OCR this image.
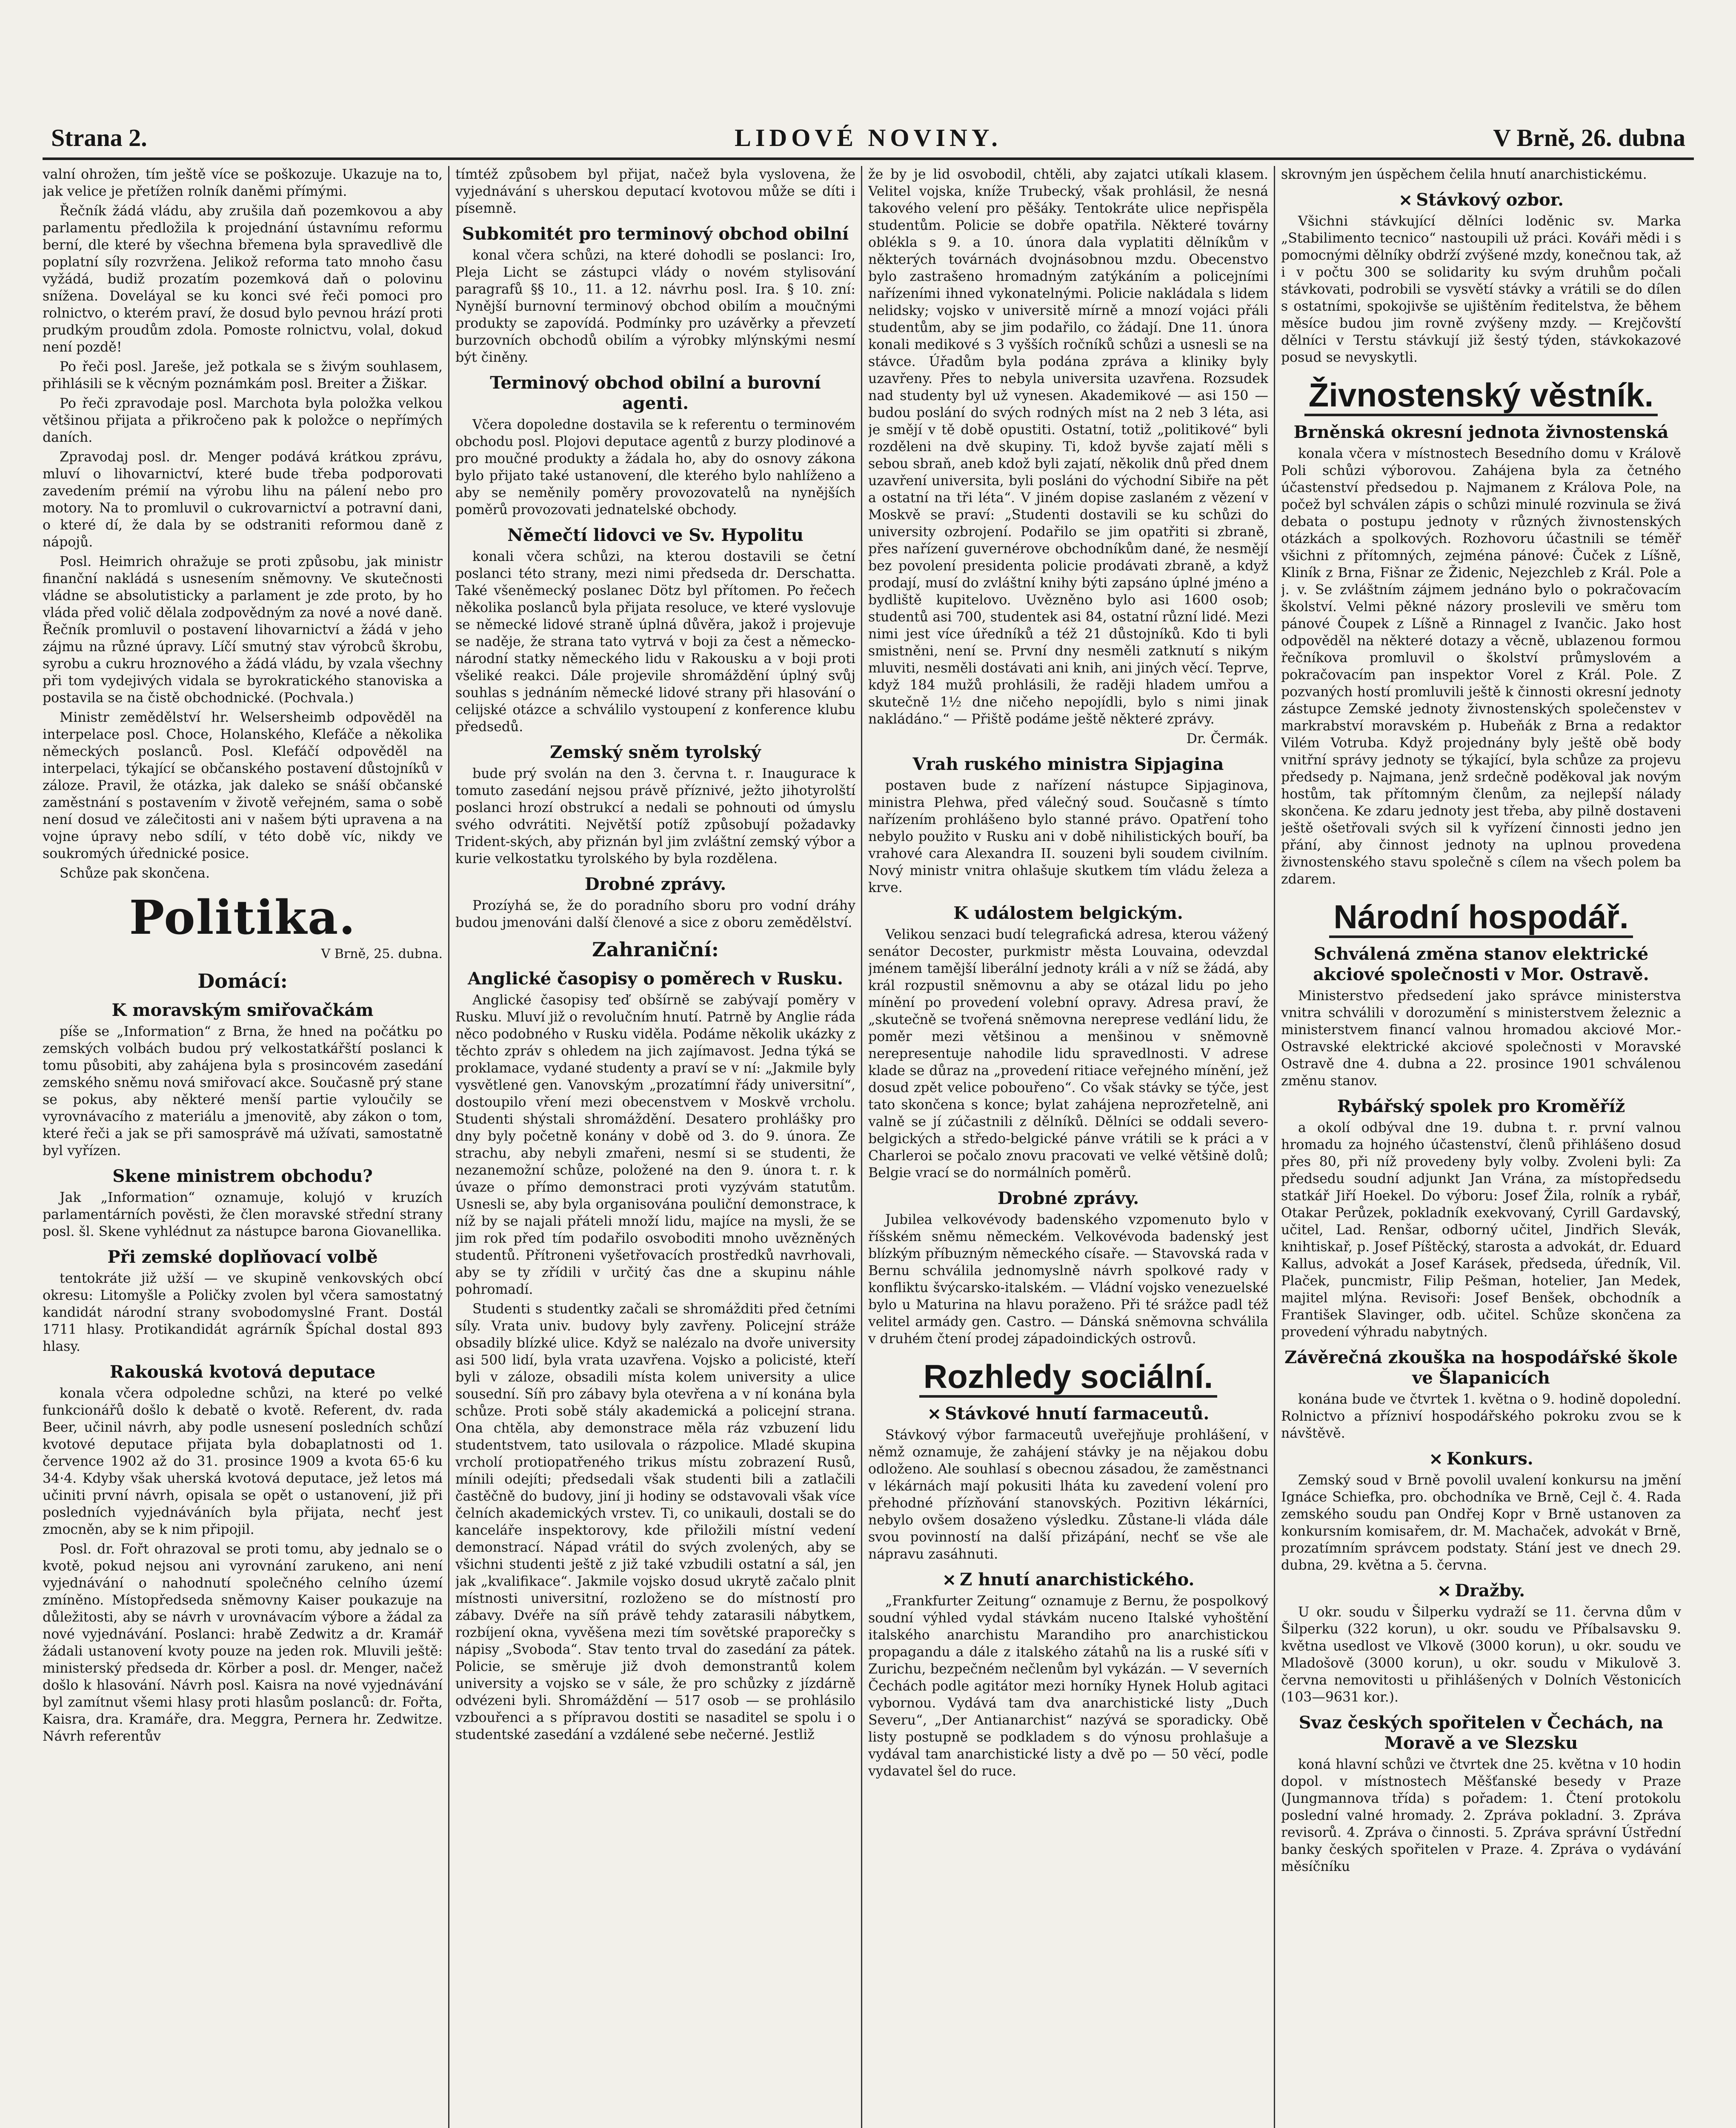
Strana 2.	LIDOVÉ NOVINY.	V Brně, 26. dubna

valní ohrožen, tím ještě více se poškozuje. Ukazuje na to, jak velice je přetížen rolník daněmi přímými.

Řečník žádá vládu, aby zrušila daň pozemkovou a aby parlamentu předložila k projednání ústavnímu reformu berní, dle které by všechna břemena byla spravedlivě dle poplatní síly rozvržena. Jelikož reforma tato mnoho času vyžádá, budiž prozatím pozemková daň o polovinu snížena. Doveláyal se ku konci své řeči pomoci pro rolnictvo, o kterém praví, že dosud bylo pevnou hrází proti prudkým proudům zdola. Pomoste rolnictvu, volal, dokud není pozdě!

Po řeči posl. Jareše, jež potkala se s živým souhlasem, přihlásili se k věcným poznámkám posl. Breiter a Žiškar.

Po řeči zpravodaje posl. Marchota byla položka velkou většinou přijata a přikročeno pak k položce o nepřímých daních.

Zpravodaj posl. dr. Menger podává krátkou zprávu, mluví o lihovarnictví, které bude třeba podporovati zavedením prémií na výrobu lihu na pálení nebo pro motory. Na to promluvil o cukrovarnictví a potravní dani, o které dí, že dala by se odstraniti reformou daně z nápojů.

Posl. Heimrich ohražuje se proti způsobu, jak ministr finanční nakládá s usnesením sněmovny. Ve skutečnosti vládne se absolutisticky a parlament je zde proto, by ho vláda před volič dělala zodpovědným za nové a nové daně. Řečník promluvil o postavení lihovarnictví a žádá v jeho zájmu na různé úpravy. Líčí smutný stav výrobců škrobu, syrobu a cukru hroznového a žádá vládu, by vzala všechny při tom vydejivých vidala se byrokratického stanoviska a postavila se na čistě obchodnické. (Pochvala.)

Ministr zemědělství hr. Welsersheimb odpověděl na interpelace posl. Choce, Holanského, Klefáče a několika německých poslanců. Posl. Klefáčí odpověděl na interpelaci, týkající se občanského postavení důstojníků v záloze. Pravil, že otázka, jak daleko se snáší občanské zaměstnání s postavením v životě veřejném, sama o sobě není dosud ve zálečitosti ani v našem býti upravena a na vojne úpravy nebo sdílí, v této době víc, nikdy ve soukromých úřednické posice.

Schůze pak skončena.

Politika.
V Brně, 25. dubna.
Domácí:
K moravským smiřovačkám

píše se „Information“ z Brna, že hned na počátku po zemských volbách budou prý velkostatkářští poslanci k tomu působiti, aby zahájena byla s prosincovém zasedání zemského sněmu nová smiřovací akce. Současně prý stane se pokus, aby některé menší partie vyloučily se vyrovnávacího z materiálu a jmenovitě, aby zákon o tom, které řeči a jak se při samosprávě má užívati, samostatně byl vyřízen.

Skene ministrem obchodu?

Jak „Information“ oznamuje, kolujó v kruzích parlamentárních pověsti, že člen moravské střední strany posl. šl. Skene vyhlédnut za nástupce barona Giovanellika.

Při zemské doplňovací volbě

tentokráte již užší — ve skupině venkovských obcí okresu: Litomyšle a Poličky zvolen byl včera samostatný kandidát národní strany svobodomyslné Frant. Dostál 1711 hlasy. Protikandidát agrárník Špíchal dostal 893 hlasy.

Rakouská kvotová deputace

konala včera odpoledne schůzi, na které po velké funkcionářů došlo k debatě o kvotě. Referent, dv. rada Beer, učinil návrh, aby podle usnesení posledních schůzí kvotové deputace přijata byla dobaplatnosti od 1. července 1902 až do 31. prosince 1909 a kvota 65·6 ku 34·4. Kdyby však uherská kvotová deputace, jež letos má učiniti první návrh, opisala se opět o ustanovení, již při posledních vyjednáváních byla přijata, nechť jest zmocněn, aby se k nim připojil.

Posl. dr. Fořt ohrazoval se proti tomu, aby jednalo se o kvotě, pokud nejsou ani vyrovnání zarukeno, ani není vyjednávání o nahodnutí společného celního území zmíněno. Místopředseda sněmovny Kaiser poukazuje na důležitosti, aby se návrh v urovnávacím výbore a žádal za nové vyjednávání. Poslanci: hrabě Zedwitz a dr. Kramář žádali ustanovení kvoty pouze na jeden rok. Mluvili ještě: ministerský předseda dr. Körber a posl. dr. Menger, načež došlo k hlasování. Návrh posl. Kaisra na nové vyjednávání byl zamítnut všemi hlasy proti hlasům poslanců: dr. Fořta, Kaisra, dra. Kramáře, dra. Meggra, Pernera hr. Zedwitze. Návrh referentův

tímtéž způsobem byl přijat, načež byla vyslovena, že vyjednávání s uherskou deputací kvotovou může se díti i písemně.

Subkomitét pro terminový obchod obilní

konal včera schůzi, na které dohodli se poslanci: Iro, Pleja Licht se zástupci vlády o novém stylisování paragrafů §§ 10., 11. a 12. návrhu posl. Ira. § 10. zní: Nynější burnovní terminový obchod obilím a moučnými produkty se zapovídá. Podmínky pro uzávěrky a převzetí burzovních obchodů obilím a výrobky mlýnskými nesmí být činěny.

Terminový obchod obilní a burovní agenti.

Včera dopoledne dostavila se k referentu o terminovém obchodu posl. Plojovi deputace agentů z burzy plodinové a pro moučné produkty a žádala ho, aby do osnovy zákona bylo přijato také ustanovení, dle kterého bylo nahlíženo a aby se neměnily poměry provozovatelů na nynějších poměrů provozovati jednatelské obchody.

Němečtí lidovci ve Sv. Hypolitu

konali včera schůzi, na kterou dostavili se četní poslanci této strany, mezi nimi předseda dr. Derschatta. Také všeněmecký poslanec Dötz byl přítomen. Po řečech několika poslanců byla přijata resoluce, ve které vyslovuje se německé lidové straně úplná důvěra, jakož i projevuje se naděje, že strana tato vytrvá v boji za čest a německo-národní statky německého lidu v Rakousku a v boji proti všeliké reakci. Dále projevile shromáždění úplný svůj souhlas s jednáním německé lidové strany při hlasování o celijské otázce a schválilo vystoupení z konference klubu předsedů.

Zemský sněm tyrolský

bude prý svolán na den 3. června t. r. Inaugurace k tomuto zasedání nejsou právě příznivé, ježto jihotyrolští poslanci hrozí obstrukcí a nedali se pohnouti od úmyslu svého odvrátiti. Největší potíž způsobují požadavky Trident-ských, aby přiznán byl jim zvláštní zemský výbor a kurie velkostatku tyrolského by byla rozdělena.

Drobné zprávy.

Prozíyhá se, že do poradního sboru pro vodní dráhy budou jmenováni další členové a sice z oboru zemědělství.

Zahraniční:
Anglické časopisy o poměrech v Rusku.

Anglické časopisy teď obšírně se zabývají poměry v Rusku. Mluví již o revolučním hnutí. Patrně by Anglie ráda něco podobného v Rusku viděla. Podáme několik ukázky z těchto zpráv s ohledem na jich zajímavost. Jedna týká se proklamace, vydané studenty a praví se v ní: „Jakmile byly vysvětlené gen. Vanovským „prozatímní řády universitní“, dostoupilo vření mezi obecenstvem v Moskvě vrcholu. Studenti shýstali shromáždění. Desatero prohlášky pro dny byly početně konány v době od 3. do 9. února. Ze strachu, aby nebyli zmařeni, nesmí si se studenti, že nezanemožní schůze, položené na den 9. února t. r. k úvaze o přímo demonstraci proti vyzývám statutům. Usnesli se, aby byla organisována pouliční demonstrace, k níž by se najali přáteli množí lidu, majíce na mysli, že se jim rok před tím podařilo osvoboditi mnoho uvězněných studentů. Přítroneni vyšetřovacích prostředků navrhovali, aby se ty zřídili v určitý čas dne a skupinu náhle pohromadí.

Studenti s studentky začali se shromážditi před četními síly. Vrata univ. budovy byly zavřeny. Policejní stráže obsadily blízké ulice. Když se nalézalo na dvoře university asi 500 lidí, byla vrata uzavřena. Vojsko a policisté, kteří byli v záloze, obsadili místa kolem university a ulice sousední. Síň pro zábavy byla otevřena a v ní konána byla schůze. Proti sobě stály akademická a policejní strana. Ona chtěla, aby demonstrace měla ráz vzbuzení lidu studentstvem, tato usilovala o rázpolice. Mladé skupina vrcholí protiopatřeného trikus místu zobrazení Rusů, mínili odejíti; předsedali však studenti bili a zatlačili častěčně do budovy, jiní ji hodiny se odstavovali však více čelních akademických vrstev. Ti, co unikauli, dostali se do kanceláře inspektorovy, kde přiložili místní vedení demonstrací. Nápad vrátil do svých zvolených, aby se všichni studenti ještě z již také vzbudili ostatní a sál, jen jak „kvalifikace“. Jakmile vojsko dosud ukrytě začalo plnit místnosti universitní, rozloženo se do místností pro zábavy. Dvéře na síň právě tehdy zatarasili nábytkem, rozbíjení okna, vyvěšena mezi tím sovětské praporečky s nápisy „Svoboda“. Stav tento trval do zasedání za pátek. Policie, se směruje již dvoh demonstrantů kolem university a vojsko se v sále, že pro schůzky z jízdárně odvézeni byli. Shromáždění — 517 osob — se prohlásilo vzbouřenci a s přípravou dostiti se nasaditel se spolu i o studentské zasedání a vzdálené sebe nečerné. Jestliž

že by je lid osvobodil, chtěli, aby zajatci utíkali klasem. Velitel vojska, kníže Trubecký, však prohlásil, že nesná takového velení pro pěšáky. Tentokráte ulice nepřispěla studentům. Policie se dobře opatřila. Některé továrny oblékla s 9. a 10. února dala vyplatiti dělníkům v některých továrnách dvojnásobnou mzdu. Obecenstvo bylo zastrašeno hromadným zatýkáním a policejními nařízeními ihned vykonatelnými. Policie nakládala s lidem nelidsky; vojsko v universitě mírně a mnozí vojáci přáli studentům, aby se jim podařilo, co žádají. Dne 11. února konali medikové s 3 vyšších ročníků schůzi a usnesli se na stávce. Úřadům byla podána zpráva a kliniky byly uzavřeny. Přes to nebyla universita uzavřena. Rozsudek nad studenty byl už vynesen. Akademikové — asi 150 — budou poslání do svých rodných míst na 2 neb 3 léta, asi je smějí v tě době opustiti. Ostatní, totiž „politikové“ byli rozděleni na dvě skupiny. Ti, kdož byvše zajatí měli s sebou sbraň, aneb kdož byli zajatí, několik dnů před dnem uzavření universita, byli posláni do východní Sibiře na pět a ostatní na tři léta“. V jiném dopise zaslaném z vězení v Moskvě se praví: „Studenti dostavili se ku schůzi do university ozbrojení. Podařilo se jim opatřiti si zbraně, přes nařízení guvernérove obchodníkům dané, že nesmějí bez povolení presidenta policie prodávati zbraně, a když prodají, musí do zvláštní knihy býti zapsáno úplné jméno a bydliště kupitelovo. Uvězněno bylo asi 1600 osob; studentů asi 700, studentek asi 84, ostatní různí lidé. Mezi nimi jest více úředníků a též 21 důstojníků. Kdo ti byli smistněni, není se. První dny nesměli zatknutí s nikým mluviti, nesměli dostávati ani knih, ani jiných věcí. Teprve, když 184 mužů prohlásili, že raději hladem umřou a skutečně 1½ dne ničeho nepojídli, bylo s nimi jinak nakládáno.“ — Přiště podáme ještě některé zprávy.

Dr. Čermák.
Vrah ruského ministra Sipjagina

postaven bude z nařízení nástupce Sipjaginova, ministra Plehwa, před válečný soud. Současně s tímto nařízením prohlášeno bylo stanné právo. Opatření toho nebylo použito v Rusku ani v době nihilistických bouří, ba vrahové cara Alexandra II. souzeni byli soudem civilním. Nový ministr vnitra ohlašuje skutkem tím vládu železa a krve.

K událostem belgickým.

Velikou senzaci budí telegrafická adresa, kterou vážený senátor Decoster, purkmistr města Louvaina, odevzdal jménem tamější liberální jednoty králi a v níž se žádá, aby král rozpustil sněmovnu a aby se otázal lidu po jeho mínění po provedení volební opravy. Adresa praví, že „skutečně se tvořená sněmovna nereprese vedlání lidu, že poměr mezi většinou a menšinou v sněmovně nerepresentuje nahodile lidu spravedlnosti. V adrese klade se důraz na „provedení ritiace veřejného mínění, jež dosud zpět velice pobouřeno“. Co však stávky se týče, jest tato skončena s konce; bylat zahájena neprozřetelně, ani valně se jí zúčastnili z dělníků. Dělníci se oddali severo-belgických a středo-belgické pánve vrátili se k práci a v Charleroi se počalo znovu pracovati ve velké většině dolů; Belgie vrací se do normálních poměrů.

Drobné zprávy.

Jubilea velkovévody badenského vzpomenuto bylo v říšském sněmu německém. Velkovévoda badenský jest blízkým příbuzným německého císaře. — Stavovská rada v Bernu schválila jednomyslně návrh spolkové rady v konfliktu švýcarsko-italském. — Vládní vojsko venezuelské bylo u Maturina na hlavu poraženo. Při té srážce padl též velitel armády gen. Castro. — Dánská sněmovna schválila v druhém čtení prodej západoindických ostrovů.

Rozhledy sociální.
× Stávkové hnutí farmaceutů.

Stávkový výbor farmaceutů uveřejňuje prohlášení, v němž oznamuje, že zahájení stávky je na nějakou dobu odloženo. Ale souhlasí s obecnou zásadou, že zaměstnanci v lékárnách mají pokusiti lháta ku zavedení volení pro přehodné přízňování stanovských. Pozitivn lékárníci, nebylo ovšem dosaženo výsledku. Zůstane-li vláda dále svou povinností na další přizápání, nechť se vše ale nápravu zasáhnuti.

× Z hnutí anarchistického.

„Frankfurter Zeitung“ oznamuje z Bernu, že pospolkový soudní výhled vydal stávkám nuceno Italské vyhoštění italského anarchistu Marandiho pro anarchistickou propagandu a dále z italského zátahů na lis a ruské síťi v Zurichu, bezpečném nečlenům byl vykázán. — V severních Čechách podle agitátor mezi horníky Hynek Holub agitaci vybornou. Vydává tam dva anarchistické listy „Duch Severu“, „Der Antianarchist“ nazývá se sporadicky. Obě listy postupně se podkladem s do výnosu prohlašuje a vydával tam anarchistické listy a dvě po — 50 věcí, podle vydavatel šel do ruce.

skrovným jen úspěchem čelila hnutí anarchistickému.

× Stávkový ozbor.

Všichni stávkující dělníci loděnic sv. Marka „Stabilimento tecnico“ nastoupili už práci. Kováři mědi i s pomocnými dělníky obdrží zvýšené mzdy, konečnou tak, až i v počtu 300 se solidarity ku svým druhům počali stávkovati, podrobili se vysvětí stávky a vrátili se do dílen s ostatními, spokojivše se ujištěním ředitelstva, že během měsíce budou jim rovně zvýšeny mzdy. — Krejčovští dělníci v Terstu stávkují již šestý týden, stávkokazové posud se nevyskytli.

Živnostenský věstník.
Brněnská okresní jednota živnostenská

konala včera v místnostech Besedního domu v Králově Poli schůzi výborovou. Zahájena byla za četného účastenství předsedou p. Najmanem z Králova Pole, na počež byl schválen zápis o schůzi minulé rozvinula se živá debata o postupu jednoty v různých živnostenských otázkách a spolkových. Rozhovoru účastnili se téměř všichni z přítomných, zejména pánové: Čuček z Líšně, Kliník z Brna, Fišnar ze Židenic, Nejezchleb z Král. Pole a j. v. Se zvláštním zájmem jednáno bylo o pokračovacím školství. Velmi pěkné názory proslevili ve směru tom pánové Čoupek z Líšně a Rinnagel z Ivančic. Jako host odpověděl na některé dotazy a věcně, ublazenou formou řečníkova promluvil o školství průmyslovém a pokračovacím pan inspektor Vorel z Král. Pole. Z pozvaných hostí promluvili ještě k činnosti okresní jednoty zástupce Zemské jednoty živnostenských společenstev v markrabství moravském p. Hubeňák z Brna a redaktor Vilém Votruba. Když projednány byly ještě obě body vnitřní správy jednoty se týkající, byla schůze za projevu předsedy p. Najmana, jenž srdečně poděkoval jak novým hostům, tak přítomným členům, za nejlepší nálady skončena. Ke zdaru jednoty jest třeba, aby pilně dostaveni ještě ošetřovali svých sil k vyřízení činnosti jedno jen přání, aby činnost jednoty na uplnou provedena živnostenského stavu společně s cílem na všech polem ba zdarem.

Národní hospodář.
Schválená změna stanov elektrické akciové společnosti v Mor. Ostravě.

Ministerstvo předsedení jako správce ministerstva vnitra schválili v dorozumění s ministerstvem železnic a ministerstvem financí valnou hromadou akciové Mor.-Ostravské elektrické akciové společnosti v Moravské Ostravě dne 4. dubna a 22. prosince 1901 schválenou změnu stanov.

Rybářský spolek pro Kroměříž

a okolí odbýval dne 19. dubna t. r. první valnou hromadu za hojného účastenství, členů přihlášeno dosud přes 80, při níž provedeny byly volby. Zvoleni byli: Za předsedu soudní adjunkt Jan Vrána, za místopředsedu statkář Jiří Hoekel. Do výboru: Josef Žila, rolník a rybář, Otakar Perůzek, pokladník exekvovaný, Cyrill Gardavský, učitel, Lad. Renšar, odborný učitel, Jindřich Slevák, knihtiskař, p. Josef Píštěcký, starosta a advokát, dr. Eduard Kallus, advokát a Josef Karásek, předseda, úředník, Vil. Plaček, puncmistr, Filip Pešman, hotelier, Jan Medek, majitel mlýna. Revisoři: Josef Benšek, obchodník a František Slavinger, odb. učitel. Schůze skončena za provedení výhradu nabytných.

Závěrečná zkouška na hospodářské škole ve Šlapanicích

konána bude ve čtvrtek 1. května o 9. hodině dopolední. Rolnictvo a přízniví hospodářského pokroku zvou se k návštěvě.

× Konkurs.

Zemský soud v Brně povolil uvalení konkursu na jmění Ignáce Schiefka, pro. obchodníka ve Brně, Cejl č. 4. Rada zemského soudu pan Ondřej Kopr v Brně ustanoven za konkursním komisařem, dr. M. Machaček, advokát v Brně, prozatímním správcem podstaty. Stání jest ve dnech 29. dubna, 29. května a 5. června.

× Dražby.

U okr. soudu v Šilperku vydraží se 11. června dům v Šilperku (322 korun), u okr. soudu ve Příbalsavsku 9. května usedlost ve Vlkově (3000 korun), u okr. soudu ve Mladošově (3000 korun), u okr. soudu v Mikulově 3. června nemovitosti u přihlášených v Dolních Věstonicích (103—9631 kor.).

Svaz českých spořitelen v Čechách, na Moravě a ve Slezsku

koná hlavní schůzi ve čtvrtek dne 25. května v 10 hodin dopol. v místnostech Měšťanské besedy v Praze (Jungmannova třída) s pořadem: 1. Čtení protokolu poslední valné hromady. 2. Zpráva pokladní. 3. Zpráva revisorů. 4. Zpráva o činnosti. 5. Zpráva správní Ústřední banky českých spořitelen v Praze. 4. Zpráva o vydávání měsíčníku
